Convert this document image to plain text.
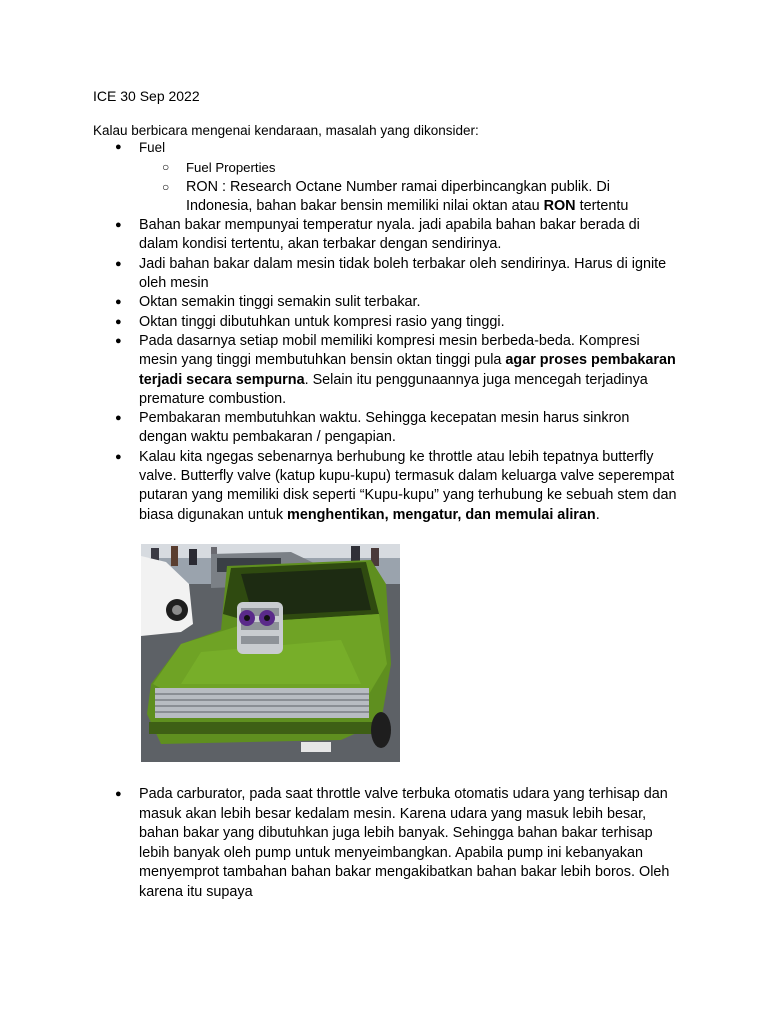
ICE 30 Sep 2022
Kalau berbicara mengenai kendaraan, masalah yang dikonsider:
● Fuel
○ Fuel Properties
○ RON : Research Octane Number ramai diperbincangkan publik. Di Indonesia, bahan bakar bensin memiliki nilai oktan atau RON tertentu
● Bahan bakar mempunyai temperatur nyala. jadi apabila bahan bakar berada di dalam kondisi tertentu, akan terbakar dengan sendirinya.
● Jadi bahan bakar dalam mesin tidak boleh terbakar oleh sendirinya. Harus di ignite oleh mesin
● Oktan semakin tinggi semakin sulit terbakar.
● Oktan tinggi dibutuhkan untuk kompresi rasio yang tinggi.
● Pada dasarnya setiap mobil memiliki kompresi mesin berbeda-beda. Kompresi mesin yang tinggi membutuhkan bensin oktan tinggi pula agar proses pembakaran terjadi secara sempurna. Selain itu penggunaannya juga mencegah terjadinya premature combustion.
● Pembakaran membutuhkan waktu. Sehingga kecepatan mesin harus sinkron dengan waktu pembakaran / pengapian.
● Kalau kita ngegas sebenarnya berhubung ke throttle atau lebih tepatnya butterfly valve. Butterfly valve (katup kupu-kupu) termasuk dalam keluarga valve seperempat putaran yang memiliki disk seperti “Kupu-kupu” yang terhubung ke sebuah stem dan biasa digunakan untuk menghentikan, mengatur, dan memulai aliran.
● Pada carburator, pada saat throttle valve terbuka otomatis udara yang terhisap dan masuk akan lebih besar kedalam mesin. Karena udara yang masuk lebih besar, bahan bakar yang dibutuhkan juga lebih banyak. Sehingga bahan bakar terhisap lebih banyak oleh pump untuk menyeimbangkan. Apabila pump ini kebanyakan menyemprot tambahan bahan bakar mengakibatkan bahan bakar lebih boros. Oleh karena itu supaya
